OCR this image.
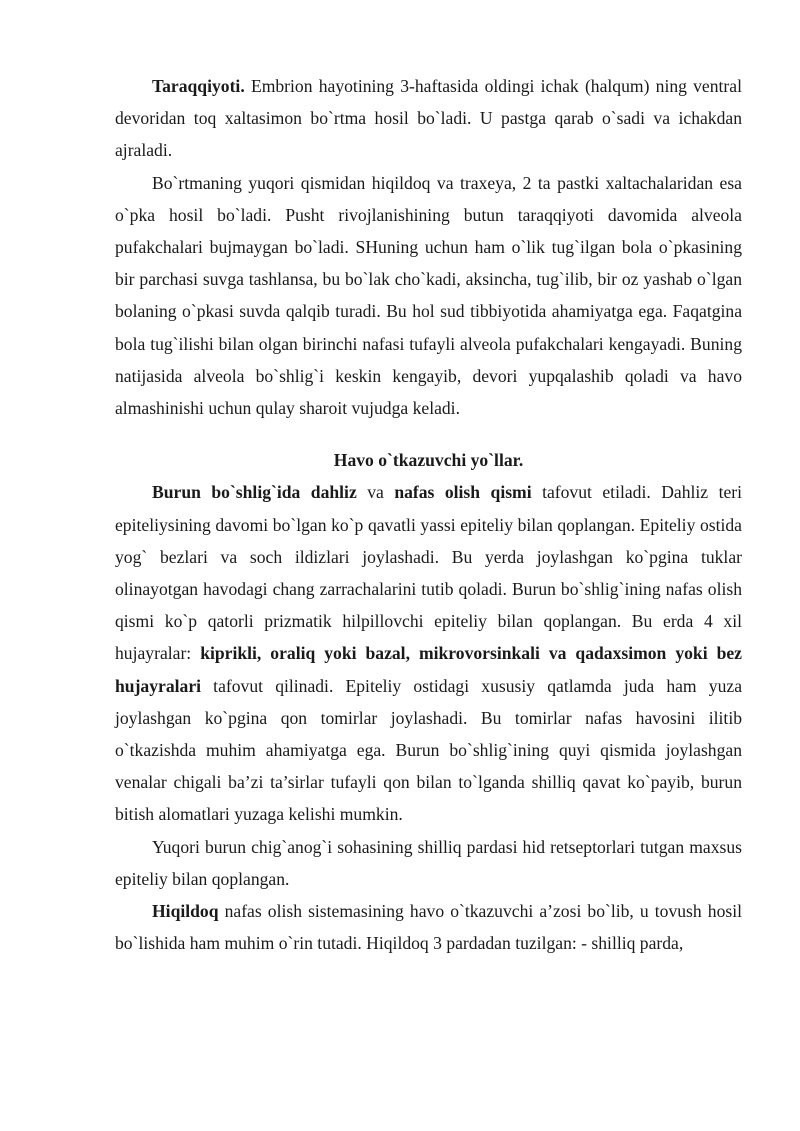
Taraqqiyoti. Embrion hayotining 3-haftasida oldingi ichak (halqum) ning ventral devoridan toq xaltasimon bo`rtma hosil bo`ladi. U pastga qarab o`sadi va ichakdan ajraladi.

Bo`rtmaning yuqori qismidan hiqildoq va traxeya, 2 ta pastki xaltachalaridan esa o`pka hosil bo`ladi. Pusht rivojlanishining butun taraqqiyoti davomida alveola pufakchalari bujmaygan bo`ladi. SHuning uchun ham o`lik tug`ilgan bola o`pkasining bir parchasi suvga tashlansa, bu bo`lak cho`kadi, aksincha, tug`ilib, bir oz yashab o`lgan bolaning o`pkasi suvda qalqib turadi. Bu hol sud tibbiyotida ahamiyatga ega. Faqatgina bola tug`ilishi bilan olgan birinchi nafasi tufayli alveola pufakchalari kengayadi. Buning natijasida alveola bo`shlig`i keskin kengayib, devori yupqalashib qoladi va havo almashinishi uchun qulay sharoit vujudga keladi.

Havo o`tkazuvchi yo`llar.

Burun bo`shlig`ida dahliz va nafas olish qismi tafovut etiladi. Dahliz teri epiteliysining davomi bo`lgan ko`p qavatli yassi epiteliy bilan qoplangan. Epiteliy ostida yog` bezlari va soch ildizlari joylashadi. Bu yerda joylashgan ko`pgina tuklar olinayotgan havodagi chang zarrachalarini tutib qoladi. Burun bo`shlig`ining nafas olish qismi ko`p qatorli prizmatik hilpillovchi epiteliy bilan qoplangan. Bu erda 4 xil hujayralar: kiprikli, oraliq yoki bazal, mikrovorsinkali va qadaxsimon yoki bez hujayralari tafovut qilinadi. Epiteliy ostidagi xususiy qatlamda juda ham yuza joylashgan ko`pgina qon tomirlar joylashadi. Bu tomirlar nafas havosini ilitib o`tkazishda muhim ahamiyatga ega. Burun bo`shlig`ining quyi qismida joylashgan venalar chigali ba’zi ta’sirlar tufayli qon bilan to`lganda shilliq qavat ko`payib, burun bitish alomatlari yuzaga kelishi mumkin.

Yuqori burun chig`anog`i sohasining shilliq pardasi hid retseptorlari tutgan maxsus epiteliy bilan qoplangan.

Hiqildoq nafas olish sistemasining havo o`tkazuvchi a’zosi bo`lib, u tovush hosil bo`lishida ham muhim o`rin tutadi. Hiqildoq 3 pardadan tuzilgan: - shilliq parda,
